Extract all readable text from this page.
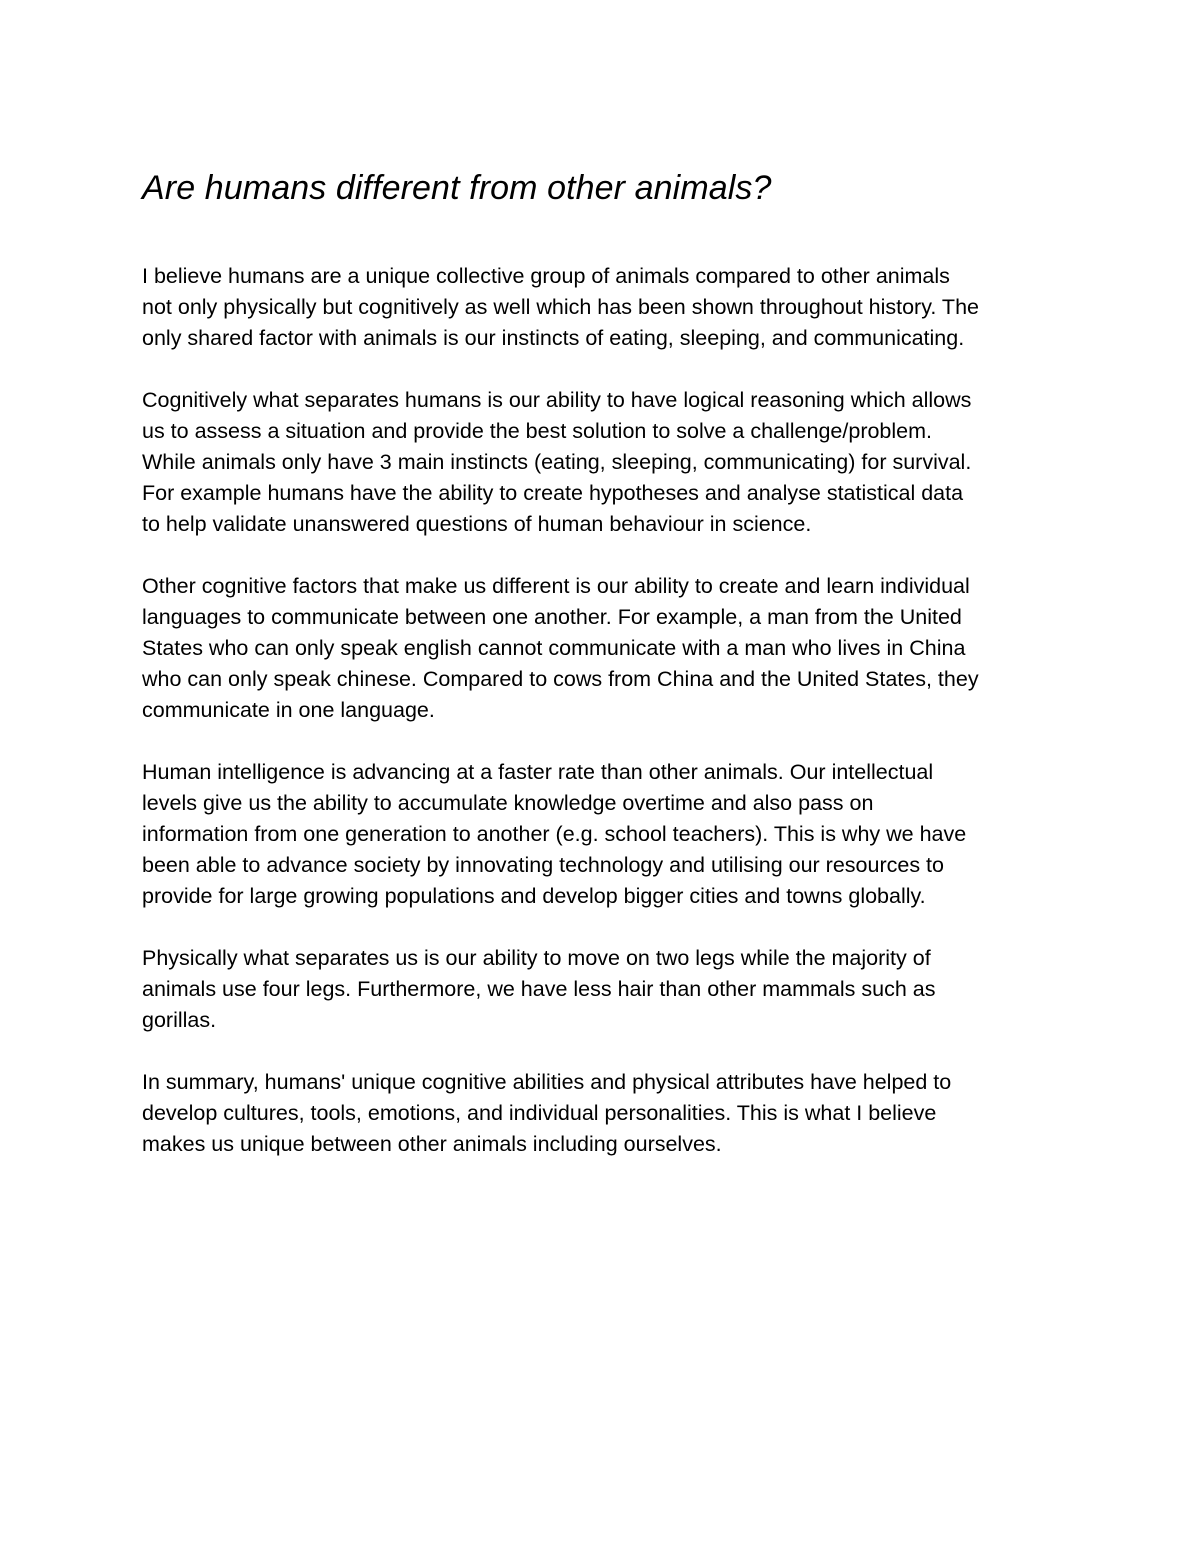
Are humans different from other animals?

I believe humans are a unique collective group of animals compared to other animals

not only physically but cognitively as well which has been shown throughout history. The

only shared factor with animals is our instincts of eating, sleeping, and communicating.

Cognitively what separates humans is our ability to have logical reasoning which allows

us to assess a situation and provide the best solution to solve a challenge/problem.

While animals only have 3 main instincts (eating, sleeping, communicating) for survival.

For example humans have the ability to create hypotheses and analyse statistical data

to help validate unanswered questions of human behaviour in science.

Other cognitive factors that make us different is our ability to create and learn individual

languages to communicate between one another. For example, a man from the United

States who can only speak english cannot communicate with a man who lives in China

who can only speak chinese. Compared to cows from China and the United States, they

communicate in one language.

Human intelligence is advancing at a faster rate than other animals. Our intellectual

levels give us the ability to accumulate knowledge overtime and also pass on

information from one generation to another (e.g. school teachers). This is why we have

been able to advance society by innovating technology and utilising our resources to

provide for large growing populations and develop bigger cities and towns globally.

Physically what separates us is our ability to move on two legs while the majority of

animals use four legs. Furthermore, we have less hair than other mammals such as

gorillas.

In summary, humans' unique cognitive abilities and physical attributes have helped to

develop cultures, tools, emotions, and individual personalities. This is what I believe

makes us unique between other animals including ourselves.
